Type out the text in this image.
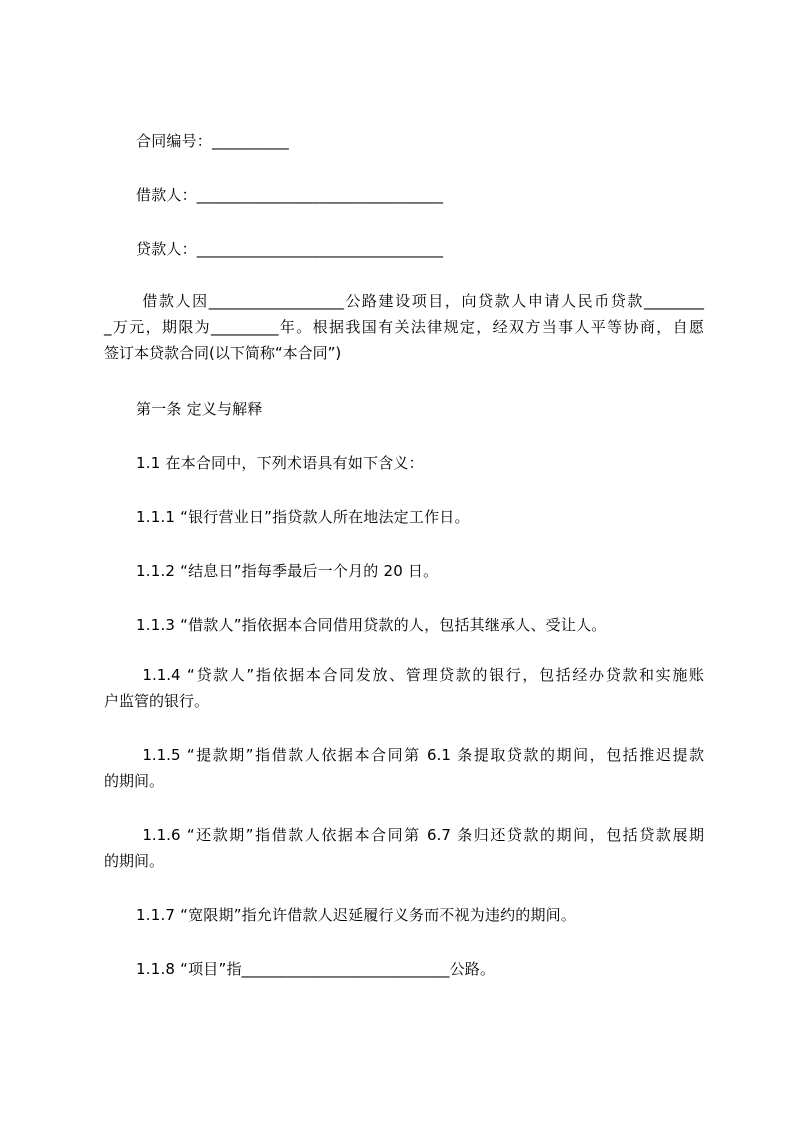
合同编号：__________
借款人：________________________________
贷款人：________________________________
借款人因__________________公路建设项目，向贷款人申请人民币贷款________
_万元，期限为_________年。根据我国有关法律规定，经双方当事人平等协商，自愿
签订本贷款合同(以下简称“本合同”)
第一条 定义与解释
1.1 在本合同中，下列术语具有如下含义：
1.1.1 “银行营业日”指贷款人所在地法定工作日。
1.1.2 “结息日”指每季最后一个月的 20 日。
1.1.3 “借款人”指依据本合同借用贷款的人，包括其继承人、受让人。
1.1.4 “贷款人”指依据本合同发放、管理贷款的银行，包括经办贷款和实施账
户监管的银行。
1.1.5 “提款期”指借款人依据本合同第 6.1 条提取贷款的期间，包括推迟提款
的期间。
1.1.6 “还款期”指借款人依据本合同第 6.7 条归还贷款的期间，包括贷款展期
的期间。
1.1.7 “宽限期”指允许借款人迟延履行义务而不视为违约的期间。
1.1.8 “项目”指___________________________公路。
